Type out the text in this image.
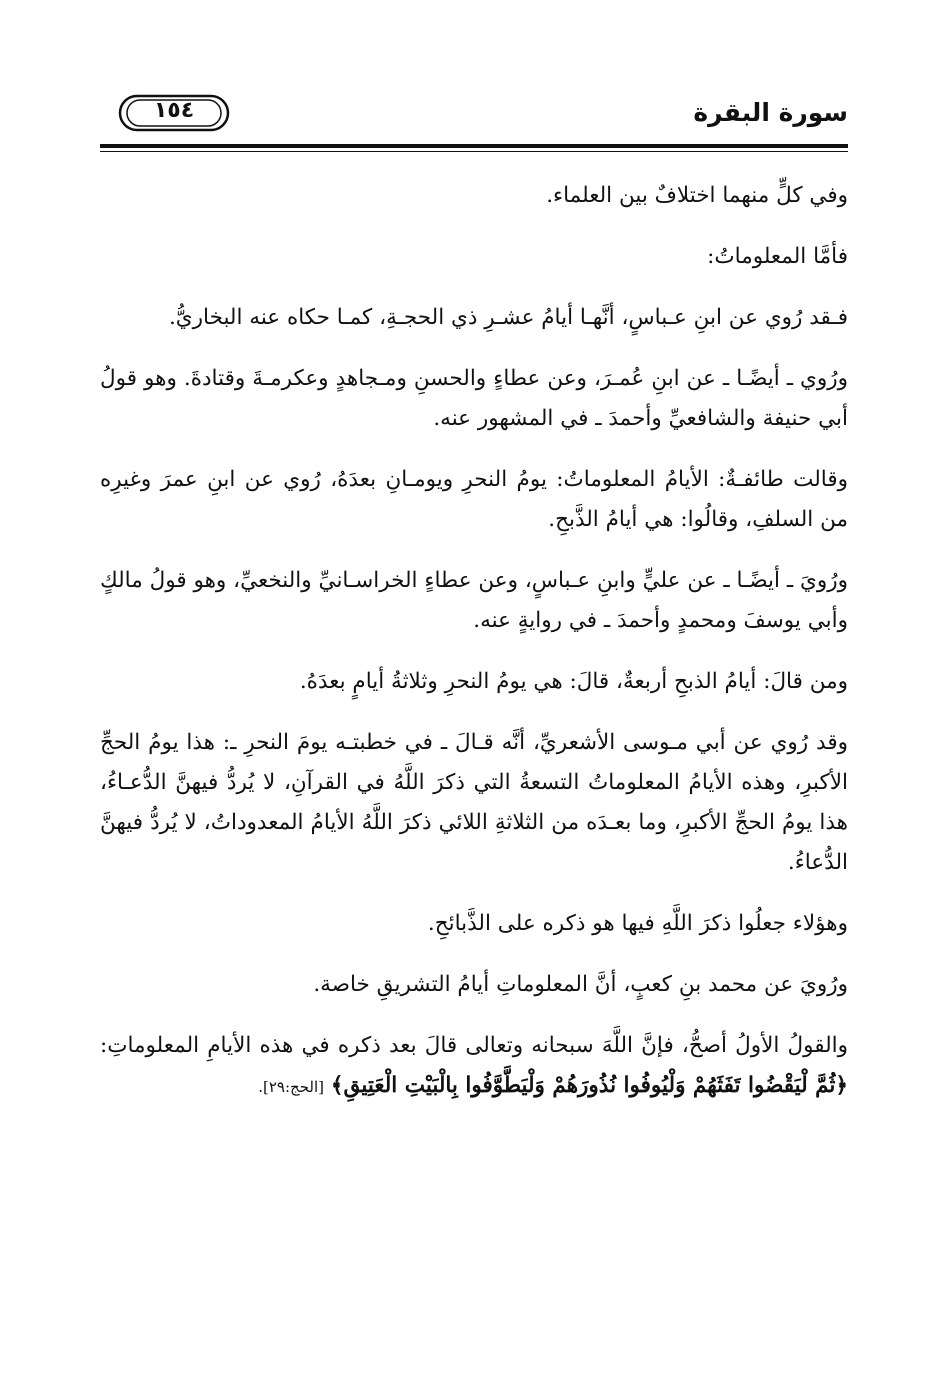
١٥٤	سورة البقرة

وفي كلٍّ منهما اختلافٌ بين العلماء.

فأمَّا المعلوماتُ:

فـقد رُوي عن ابنِ عـباسٍ، أنَّهـا أيامُ عشـرِ ذي الحجـةِ، كمـا حكاه عنه البخاريُّ.

ورُوي ـ أيضًـا ـ عن ابنِ عُمـرَ، وعن عطاءٍ والحسنِ ومـجاهدٍ وعكرمـةَ وقتادةَ. وهو قولُ أبي حنيفة والشافعيِّ وأحمدَ ـ في المشهور عنه.

وقالت طائفـةٌ: الأيامُ المعلوماتُ: يومُ النحرِ ويومـانِ بعدَهُ، رُوي عن ابنِ عمرَ وغيرِه من السلفِ، وقالُوا: هي أيامُ الذَّبحِ.

ورُويَ ـ أيضًـا ـ عن عليٍّ وابنِ عـباسٍ، وعن عطاءٍ الخراسـانيِّ والنخعيِّ، وهو قولُ مالكٍ وأبي يوسفَ ومحمدٍ وأحمدَ ـ في روايةٍ عنه.

ومن قالَ: أيامُ الذبحِ أربعةٌ، قالَ: هي يومُ النحرِ وثلاثةُ أيامٍ بعدَهُ.

وقد رُوي عن أبي مـوسى الأشعريِّ، أنَّه قـالَ ـ في خطبتـه يومَ النحرِ ـ: هذا يومُ الحجِّ الأكبرِ، وهذه الأيامُ المعلوماتُ التسعةُ التي ذكرَ اللَّهُ في القرآنِ، لا يُردُّ فيهنَّ الدُّعـاءُ، هذا يومُ الحجِّ الأكبرِ، وما بعـدَه من الثلاثةِ اللائي ذكرَ اللَّهُ الأيامُ المعدوداتُ، لا يُردُّ فيهنَّ الدُّعاءُ.

وهؤلاء جعلُوا ذكرَ اللَّهِ فيها هو ذكره على الذَّبائحِ.

ورُويَ عن محمد بنِ كعبٍ، أنَّ المعلوماتِ أيامُ التشريقِ خاصة.

والقولُ الأولُ أصحُّ، فإنَّ اللَّهَ سبحانه وتعالى قالَ بعد ذكره في هذه الأيامِ المعلوماتِ: ﴿ثُمَّ لْيَقْضُوا تَفَثَهُمْ وَلْيُوفُوا نُذُورَهُمْ وَلْيَطَّوَّفُوا بِالْبَيْتِ الْعَتِيقِ﴾ [الحج:٢٩].
